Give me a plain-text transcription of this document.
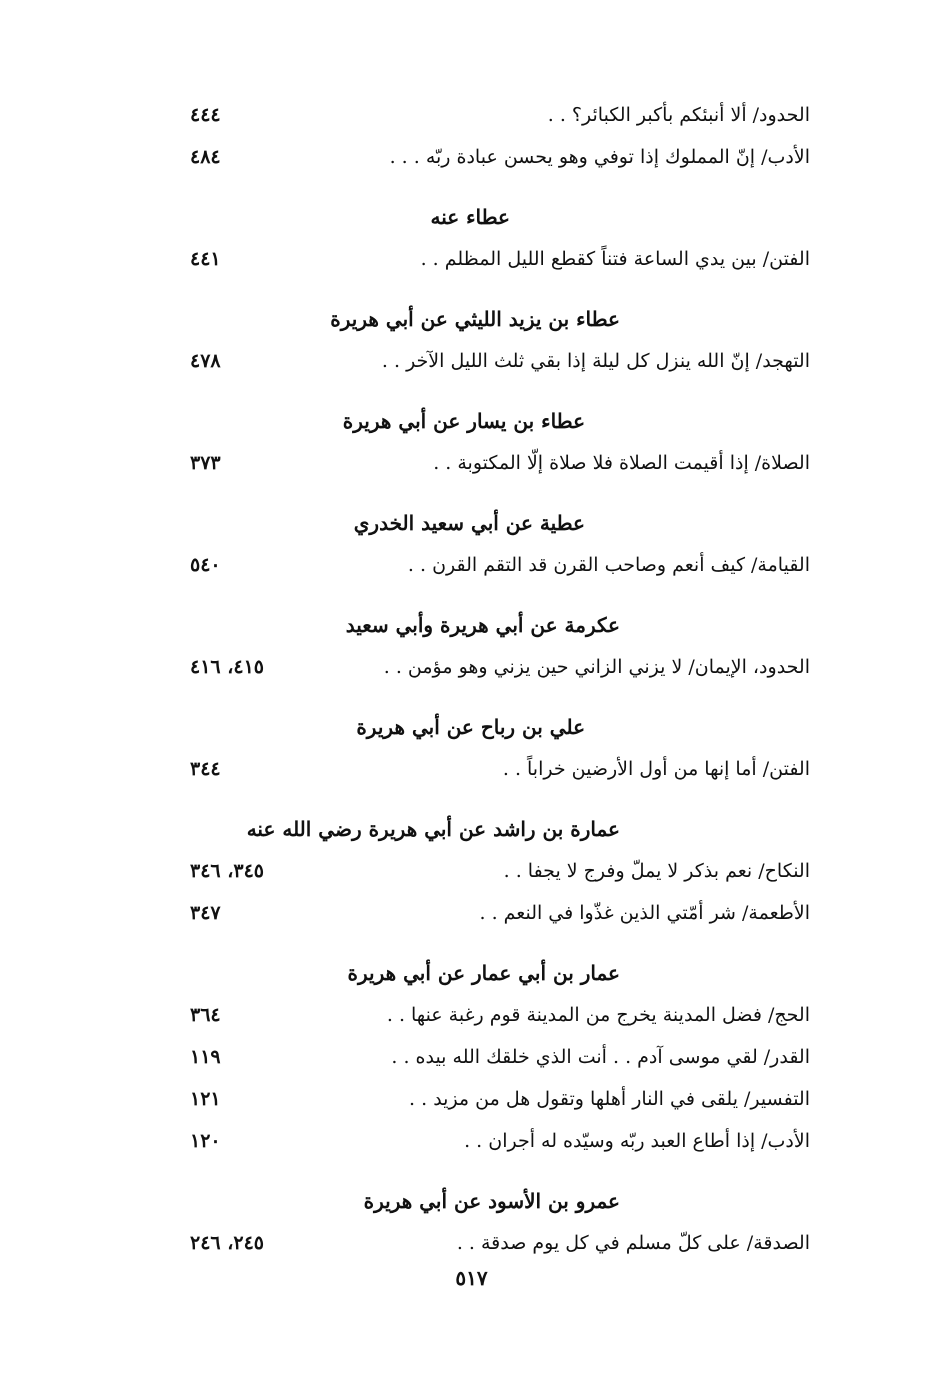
الحدود/ ألا أنبئكم بأكبر الكبائر؟ . .
٤٤٤
الأدب/ إنّ المملوك إذا توفي وهو يحسن عبادة ربّه . . .
٤٨٤
عطاء عنه
الفتن/ بين يدي الساعة فتناً كقطع الليل المظلم . .
٤٤١
عطاء بن يزيد الليثي عن أبي هريرة
التهجد/ إنّ الله ينزل كل ليلة إذا بقي ثلث الليل الآخر . .
٤٧٨
عطاء بن يسار عن أبي هريرة
الصلاة/ إذا أقيمت الصلاة فلا صلاة إلّا المكتوبة . .
٣٧٣
عطية عن أبي سعيد الخدري
القيامة/ كيف أنعم وصاحب القرن قد التقم القرن . .
٥٤٠
عكرمة عن أبي هريرة وأبي سعيد
الحدود، الإيمان/ لا يزني الزاني حين يزني وهو مؤمن . .
٤١٥، ٤١٦
علي بن رباح عن أبي هريرة
الفتن/ أما إنها من أول الأرضين خراباً . .
٣٤٤
عمارة بن راشد عن أبي هريرة رضي الله عنه
النكاح/ نعم بذكر لا يملّ وفرج لا يجفا . .
٣٤٥، ٣٤٦
الأطعمة/ شر أمّتي الذين غذّوا في النعم . .
٣٤٧
عمار بن أبي عمار عن أبي هريرة
الحج/ فضل المدينة يخرج من المدينة قوم رغبة عنها . .
٣٦٤
القدر/ لقي موسى آدم . . أنت الذي خلقك الله بيده . .
١١٩
التفسير/ يلقى في النار أهلها وتقول هل من مزيد . .
١٢١
الأدب/ إذا أطاع العبد ربّه وسيّده له أجران . .
١٢٠
عمرو بن الأسود عن أبي هريرة
الصدقة/ على كلّ مسلم في كل يوم صدقة . .
٢٤٥، ٢٤٦
٥١٧
